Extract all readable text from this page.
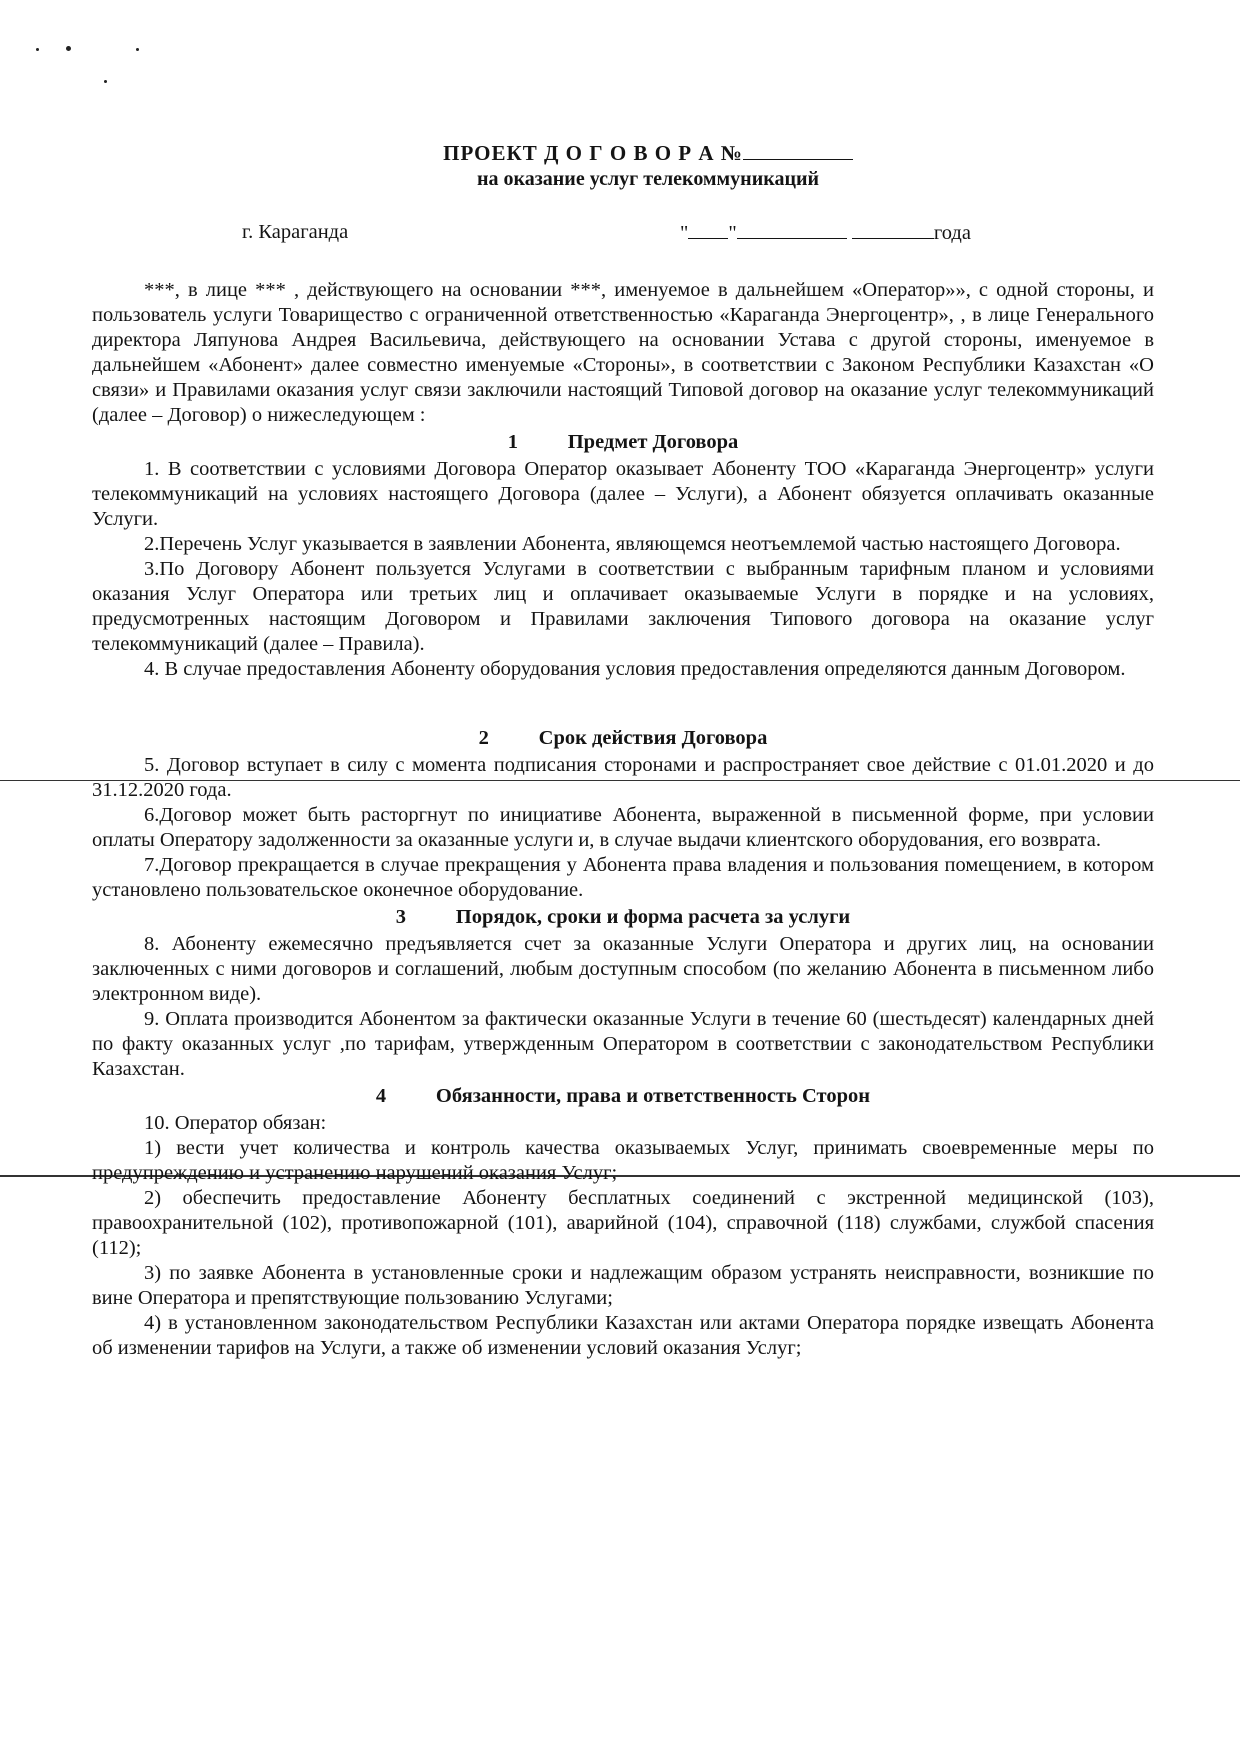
ПРОЕКТ Д О Г О В О Р А №
на оказание услуг телекоммуникаций
г. Караганда	" "	года

***, в лице *** , действующего на основании ***, именуемое в дальнейшем «Оператор»», с одной стороны, и пользователь услуги Товарищество с ограниченной ответственностью «Караганда Энергоцентр», , в лице Генерального директора Ляпунова Андрея Васильевича, действующего на основании Устава с другой стороны, именуемое в дальнейшем «Абонент» далее совместно именуемые «Стороны», в соответствии с Законом Республики Казахстан «О связи» и Правилами оказания услуг связи заключили настоящий Типовой договор на оказание услуг телекоммуникаций (далее – Договор) о нижеследующем :

1 Предмет Договора

1. В соответствии с условиями Договора Оператор оказывает Абоненту ТОО «Караганда Энергоцентр» услуги телекоммуникаций на условиях настоящего Договора (далее – Услуги), а Абонент обязуется оплачивать оказанные Услуги.

2.Перечень Услуг указывается в заявлении Абонента, являющемся неотъемлемой частью настоящего Договора.

3.По Договору Абонент пользуется Услугами в соответствии с выбранным тарифным планом и условиями оказания Услуг Оператора или третьих лиц и оплачивает оказываемые Услуги в порядке и на условиях, предусмотренных настоящим Договором и Правилами заключения Типового договора на оказание услуг телекоммуникаций (далее – Правила).

4. В случае предоставления Абоненту оборудования условия предоставления определяются данным Договором.

2 Срок действия Договора

5. Договор вступает в силу с момента подписания сторонами и распространяет свое действие с 01.01.2020 и до 31.12.2020 года.

6.Договор может быть расторгнут по инициативе Абонента, выраженной в письменной форме, при условии оплаты Оператору задолженности за оказанные услуги и, в случае выдачи клиентского оборудования, его возврата.

7.Договор прекращается в случае прекращения у Абонента права владения и пользования помещением, в котором установлено пользовательское оконечное оборудование.

3 Порядок, сроки и форма расчета за услуги

8. Абоненту ежемесячно предъявляется счет за оказанные Услуги Оператора и других лиц, на основании заключенных с ними договоров и соглашений, любым доступным способом (по желанию Абонента в письменном либо электронном виде).

9. Оплата производится Абонентом за фактически оказанные Услуги в течение 60 (шестьдесят) календарных дней по факту оказанных услуг ,по тарифам, утвержденным Оператором в соответствии с законодательством Республики Казахстан.

4 Обязанности, права и ответственность Сторон

10. Оператор обязан:

1) вести учет количества и контроль качества оказываемых Услуг, принимать своевременные меры по предупреждению и устранению нарушений оказания Услуг;

2) обеспечить предоставление Абоненту бесплатных соединений с экстренной медицинской (103), правоохранительной (102), противопожарной (101), аварийной (104), справочной (118) службами, службой спасения (112);

3) по заявке Абонента в установленные сроки и надлежащим образом устранять неисправности, возникшие по вине Оператора и препятствующие пользованию Услугами;

4) в установленном законодательством Республики Казахстан или актами Оператора порядке извещать Абонента об изменении тарифов на Услуги, а также об изменении условий оказания Услуг;
